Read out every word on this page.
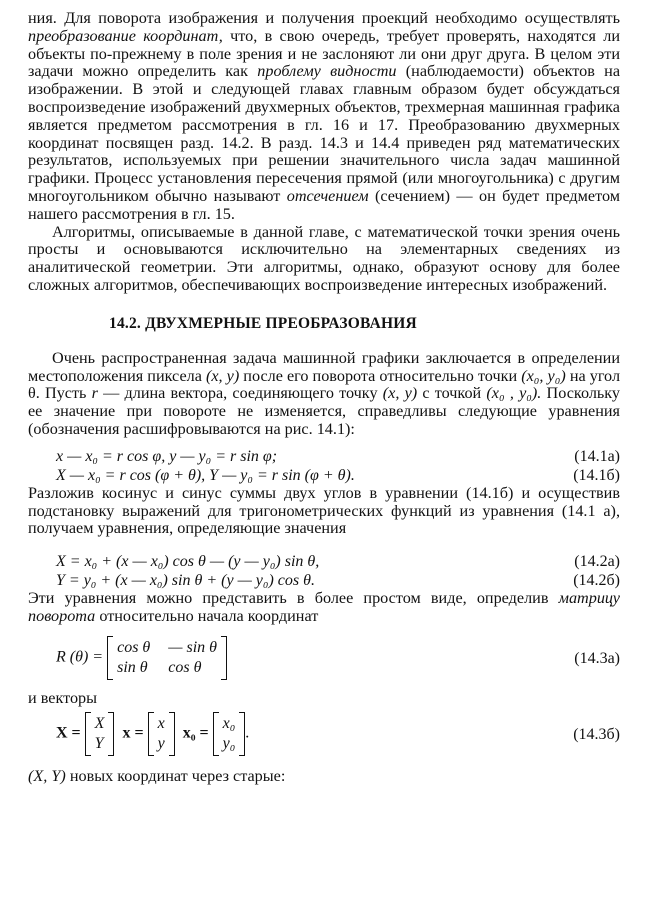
ния. Для поворота изображения и получения проекций необходимо осуществлять преобразование координат, что, в свою очередь, требует проверять, находятся ли объекты по-прежнему в поле зрения и не заслоняют ли они друг друга. В целом эти задачи можно определить как проблему видности (наблюдаемости) объектов на изображении. В этой и следующей главах главным образом будет обсуждаться воспроизведение изображений двухмерных объектов, трехмерная машинная графика является предметом рассмотрения в гл. 16 и 17. Преобразованию двухмерных координат посвящен разд. 14.2. В разд. 14.3 и 14.4 приведен ряд математических результатов, используемых при решении значительного числа задач машинной графики. Процесс установления пересечения прямой (или многоугольника) с другим многоугольником обычно называют отсечением (сечением) — он будет предметом нашего рассмотрения в гл. 15.

Алгоритмы, описываемые в данной главе, с математической точки зрения очень просты и основываются исключительно на элементарных сведениях из аналитической геометрии. Эти алгоритмы, однако, образуют основу для более сложных алгоритмов, обеспечивающих воспроизведение интересных изображений.

14.2. ДВУХМЕРНЫЕ ПРЕОБРАЗОВАНИЯ

Очень распространенная задача машинной графики заключается в определении местоположения пиксела (x, y) после его поворота относительно точки (x₀, y₀) на угол θ. Пусть r — длина вектора, соединяющего точку (x, y) с точкой (x₀ , y₀). Поскольку ее значение при повороте не изменяется, справедливы следующие уравнения (обозначения расшифровываются на рис. 14.1):

x — x₀ = r cos φ, y — y₀ = r sin φ;	(14.1a)
X — x₀ = r cos (φ + θ), Y — y₀ = r sin (φ + θ).	(14.1б)

Разложив косинус и синус суммы двух углов в уравнении (14.1б) и осуществив подстановку выражений для тригонометрических функций из уравнения (14.1 а), получаем уравнения, определяющие значения

X = x₀ + (x — x₀) cos θ — (y — y₀) sin θ,	(14.2a)
Y = y₀ + (x — x₀) sin θ + (y — y₀) cos θ.	(14.2б)

Эти уравнения можно представить в более простом виде, определив матрицу поворота относительно начала координат

R (θ) =
cos θ — sin θ
sin θ cos θ
(14.3a)

и векторы

X =
X
Y
x =
x
y
x₀ =
x₀
y₀
.	(14.3б)

(X, Y) новых координат через старые:
